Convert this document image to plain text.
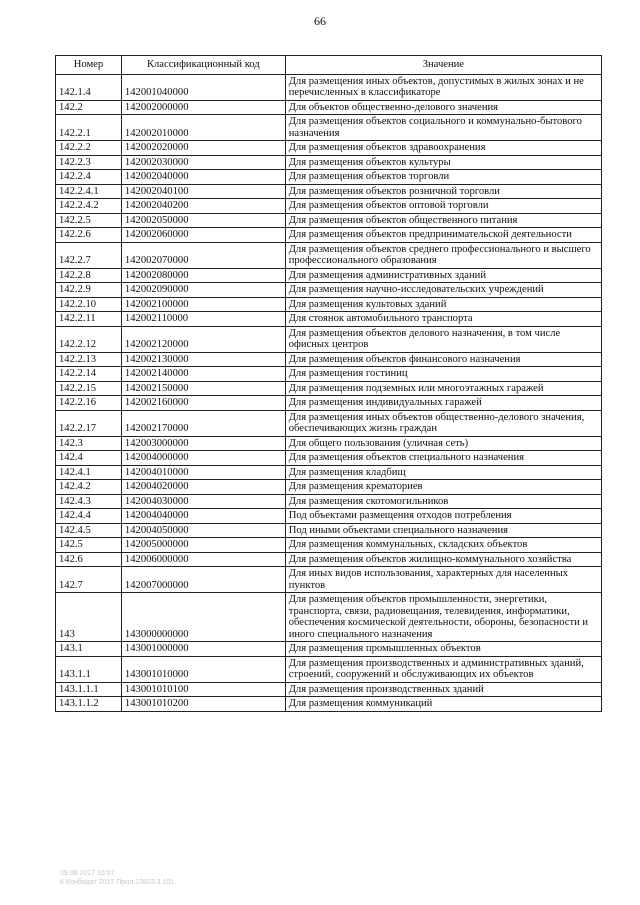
66
Номер	Классификационный код	Значение
142.1.4	142001040000	Для размещения иных объектов, допустимых в жилых зонах и не перечисленных в классификаторе
142.2	142002000000	Для объектов общественно-делового значения
142.2.1	142002010000	Для размещения объектов социального и коммунально-бытового назначения
142.2.2	142002020000	Для размещения объектов здравоохранения
142.2.3	142002030000	Для размещения объектов культуры
142.2.4	142002040000	Для размещения объектов торговли
142.2.4.1	142002040100	Для размещения объектов розничной торговли
142.2.4.2	142002040200	Для размещения объектов оптовой торговли
142.2.5	142002050000	Для размещения объектов общественного питания
142.2.6	142002060000	Для размещения объектов предпринимательской деятельности
142.2.7	142002070000	Для размещения объектов среднего профессионального и высшего профессионального образования
142.2.8	142002080000	Для размещения административных зданий
142.2.9	142002090000	Для размещения научно-исследовательских учреждений
142.2.10	142002100000	Для размещения культовых зданий
142.2.11	142002110000	Для стоянок автомобильного транспорта
142.2.12	142002120000	Для размещения объектов делового назначения, в том числе офисных центров
142.2.13	142002130000	Для размещения объектов финансового назначения
142.2.14	142002140000	Для размещения гостиниц
142.2.15	142002150000	Для размещения подземных или многоэтажных гаражей
142.2.16	142002160000	Для размещения индивидуальных гаражей
142.2.17	142002170000	Для размещения иных объектов общественно-делового значения, обеспечивающих жизнь граждан
142.3	142003000000	Для общего пользования (уличная сеть)
142.4	142004000000	Для размещения объектов специального назначения
142.4.1	142004010000	Для размещения кладбищ
142.4.2	142004020000	Для размещения крематориев
142.4.3	142004030000	Для размещения скотомогильников
142.4.4	142004040000	Под объектами размещения отходов потребления
142.4.5	142004050000	Под иными объектами специального назначения
142.5	142005000000	Для размещения коммунальных, складских объектов
142.6	142006000000	Для размещения объектов жилищно-коммунального хозяйства
142.7	142007000000	Для иных видов использования, характерных для населенных пунктов
143	143000000000	Для размещения объектов промышленности, энергетики, транспорта, связи, радиовещания, телевидения, информатики, обеспечения космической деятельности, обороны, безопасности и иного специального назначения
143.1	143001000000	Для размещения промышленных объектов
143.1.1	143001010000	Для размещения производственных и административных зданий, строений, сооружений и обслуживающих их объектов
143.1.1.1	143001010100	Для размещения производственных зданий
143.1.1.2	143001010200	Для размещения коммуникаций
09.08.2017 10:07
К Конбидат 2017 Прил.13803.3.101
